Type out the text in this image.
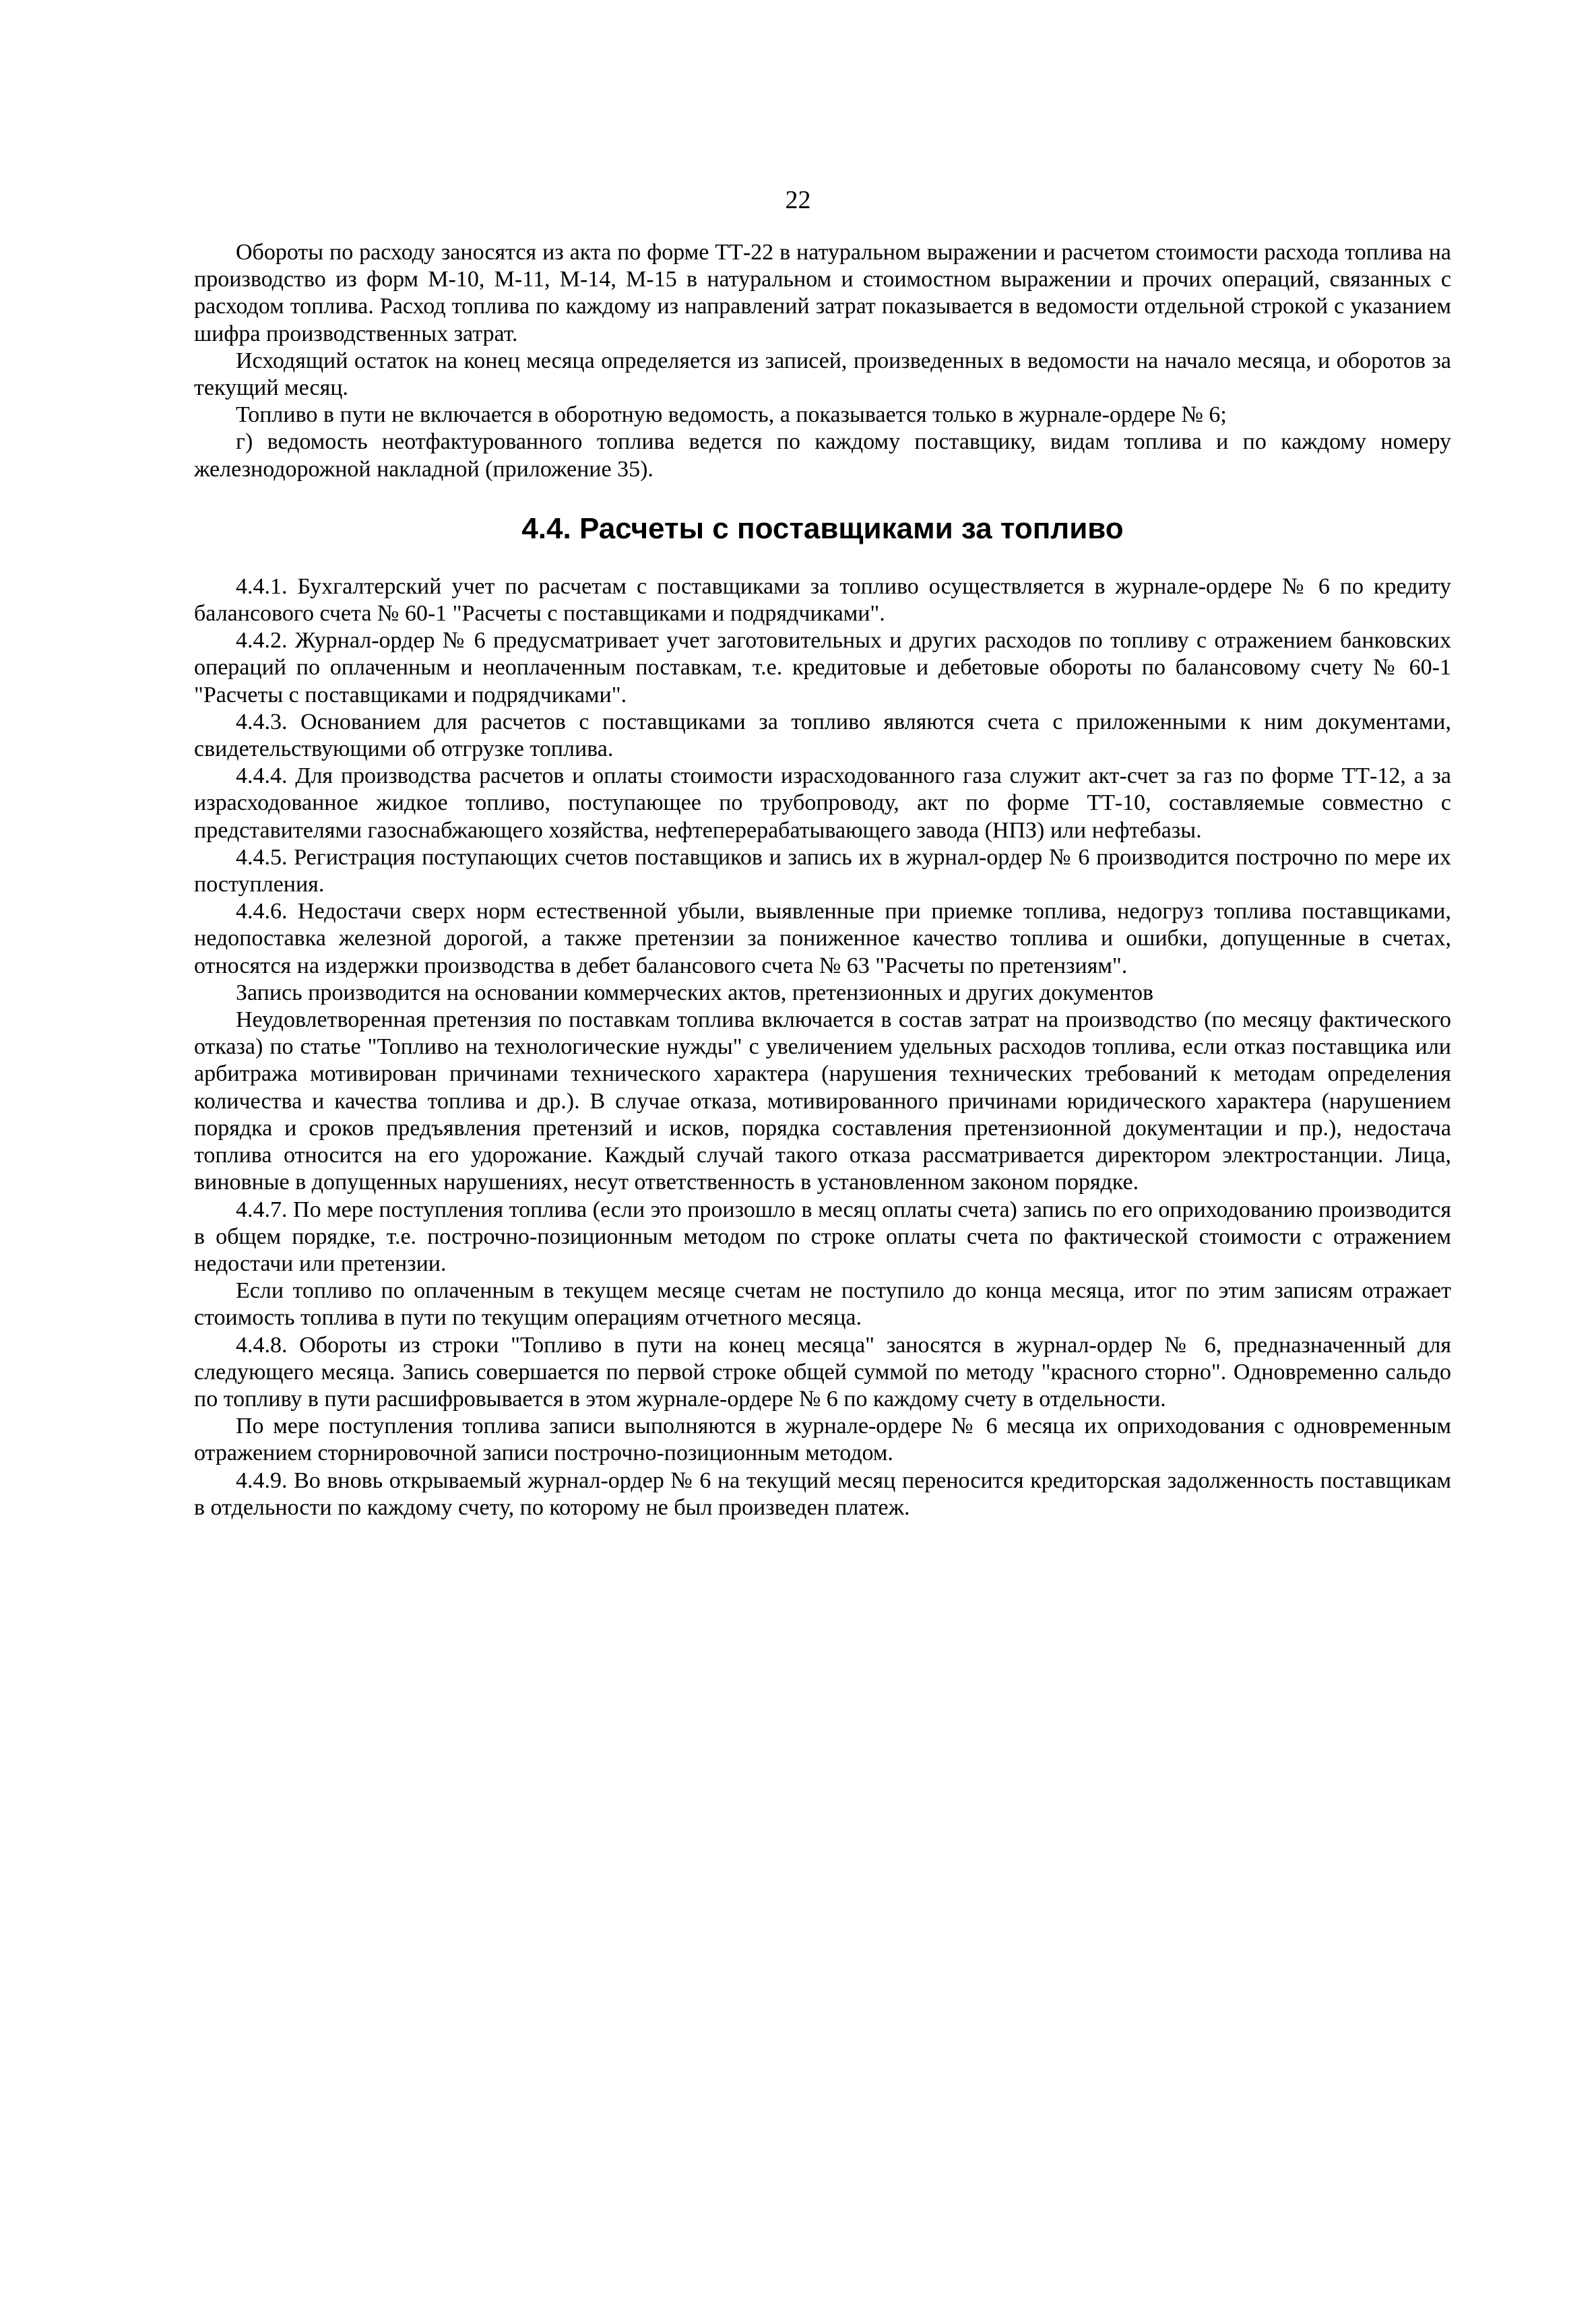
22

Обороты по расходу заносятся из акта по форме ТТ-22 в натуральном выражении и расчетом стоимости расхода топлива на производство из форм М-10, М-11, М-14, М-15 в натуральном и стоимостном выражении и прочих операций, связанных с расходом топлива. Расход топлива по каждому из направлений затрат показывается в ведомости отдельной строкой с указанием шифра производственных затрат.

Исходящий остаток на конец месяца определяется из записей, произведенных в ведомости на начало месяца, и оборотов за текущий месяц.

Топливо в пути не включается в оборотную ведомость, а показывается только в журнале-ордере № 6;

г) ведомость неотфактурованного топлива ведется по каждому поставщику, видам топлива и по каждому номеру железнодорожной накладной (приложение 35).

4.4. Расчеты с поставщиками за топливо

4.4.1. Бухгалтерский учет по расчетам с поставщиками за топливо осуществляется в журнале-ордере № 6 по кредиту балансового счета № 60-1 "Расчеты с поставщиками и подрядчиками".

4.4.2. Журнал-ордер № 6 предусматривает учет заготовительных и других расходов по топливу с отражением банковских операций по оплаченным и неоплаченным поставкам, т.е. кредитовые и дебетовые обороты по балансовому счету № 60-1 "Расчеты с поставщиками и подрядчиками".

4.4.3. Основанием для расчетов с поставщиками за топливо являются счета с приложенными к ним документами, свидетельствующими об отгрузке топлива.

4.4.4. Для производства расчетов и оплаты стоимости израсходованного газа служит акт-счет за газ по форме ТТ-12, а за израсходованное жидкое топливо, поступающее по трубопроводу, акт по форме ТТ-10, составляемые совместно с представителями газоснабжающего хозяйства, нефтеперерабатывающего завода (НПЗ) или нефтебазы.

4.4.5. Регистрация поступающих счетов поставщиков и запись их в журнал-ордер № 6 производится построчно по мере их поступления.

4.4.6. Недостачи сверх норм естественной убыли, выявленные при приемке топлива, недогруз топлива поставщиками, недопоставка железной дорогой, а также претензии за пониженное качество топлива и ошибки, допущенные в счетах, относятся на издержки производства в дебет балансового счета № 63 "Расчеты по претензиям".

Запись производится на основании коммерческих актов, претензионных и других документов

Неудовлетворенная претензия по поставкам топлива включается в состав затрат на производство (по месяцу фактического отказа) по статье "Топливо на технологические нужды" с увеличением удельных расходов топлива, если отказ поставщика или арбитража мотивирован причинами технического характера (нарушения технических требований к методам определения количества и качества топлива и др.). В случае отказа, мотивированного причинами юридического характера (нарушением порядка и сроков предъявления претензий и исков, порядка составления претензионной документации и пр.), недостача топлива относится на его удорожание. Каждый случай такого отказа рассматривается директором электростанции. Лица, виновные в допущенных нарушениях, несут ответственность в установленном законом порядке.

4.4.7. По мере поступления топлива (если это произошло в месяц оплаты счета) запись по его оприходованию производится в общем порядке, т.е. построчно-позиционным методом по строке оплаты счета по фактической стоимости с отражением недостачи или претензии.

Если топливо по оплаченным в текущем месяце счетам не поступило до конца месяца, итог по этим записям отражает стоимость топлива в пути по текущим операциям отчетного месяца.

4.4.8. Обороты из строки "Топливо в пути на конец месяца" заносятся в журнал-ордер № 6, предназначенный для следующего месяца. Запись совершается по первой строке общей суммой по методу "красного сторно". Одновременно сальдо по топливу в пути расшифровывается в этом журнале-ордере № 6 по каждому счету в отдельности.

По мере поступления топлива записи выполняются в журнале-ордере № 6 месяца их оприходования с одновременным отражением сторнировочной записи построчно-позиционным методом.

4.4.9. Во вновь открываемый журнал-ордер № 6 на текущий месяц переносится кредиторская задолженность поставщикам в отдельности по каждому счету, по которому не был произведен платеж.
